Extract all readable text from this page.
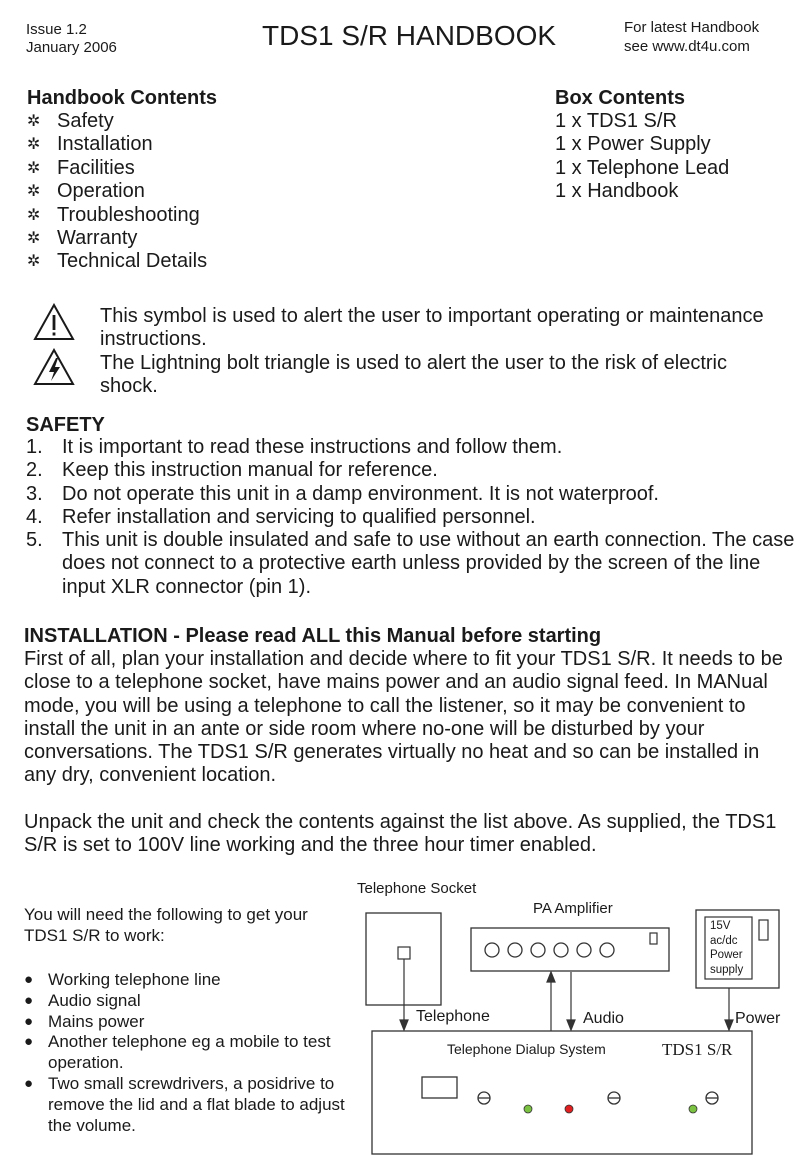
Issue 1.2
January 2006	TDS1 S/R HANDBOOK	For latest Handbook
see www.dt4u.com
Handbook Contents
✲ Safety
✲ Installation
✲ Facilities
✲ Operation
✲ Troubleshooting
✲ Warranty
✲ Technical Details
Box Contents
1 x TDS1 S/R
1 x Power Supply
1 x Telephone Lead
1 x Handbook

This symbol is used to alert the user to important operating or maintenance instructions.

The Lightning bolt triangle is used to alert the user to the risk of electric shock.

SAFETY
1. It is important to read these instructions and follow them.
2. Keep this instruction manual for reference.
3. Do not operate this unit in a damp environment. It is not waterproof.
4. Refer installation and servicing to qualified personnel.
5. This unit is double insulated and safe to use without an earth connection. The case does not connect to a protective earth unless provided by the screen of the line input XLR connector (pin 1).
INSTALLATION - Please read ALL this Manual before starting

First of all, plan your installation and decide where to fit your TDS1 S/R. It needs to be close to a telephone socket, have mains power and an audio signal feed. In MANual mode, you will be using a telephone to call the listener, so it may be convenient to install the unit in an ante or side room where no-one will be disturbed by your conversations. The TDS1 S/R generates virtually no heat and so can be installed in any dry, convenient location.

Unpack the unit and check the contents against the list above. As supplied, the TDS1 S/R is set to 100V line working and the three hour timer enabled.

You will need the following to get your TDS1 S/R to work:
● Working telephone line
● Audio signal
● Mains power
● Another telephone eg a mobile to test operation.
● Two small screwdrivers, a posidrive to remove the lid and a flat blade to adjust the volume.
Telephone Socket
PA Amplifier
15V
ac/dc
Power
supply
Telephone	Audio	Power
Telephone Dialup System	TDS1 S/R
